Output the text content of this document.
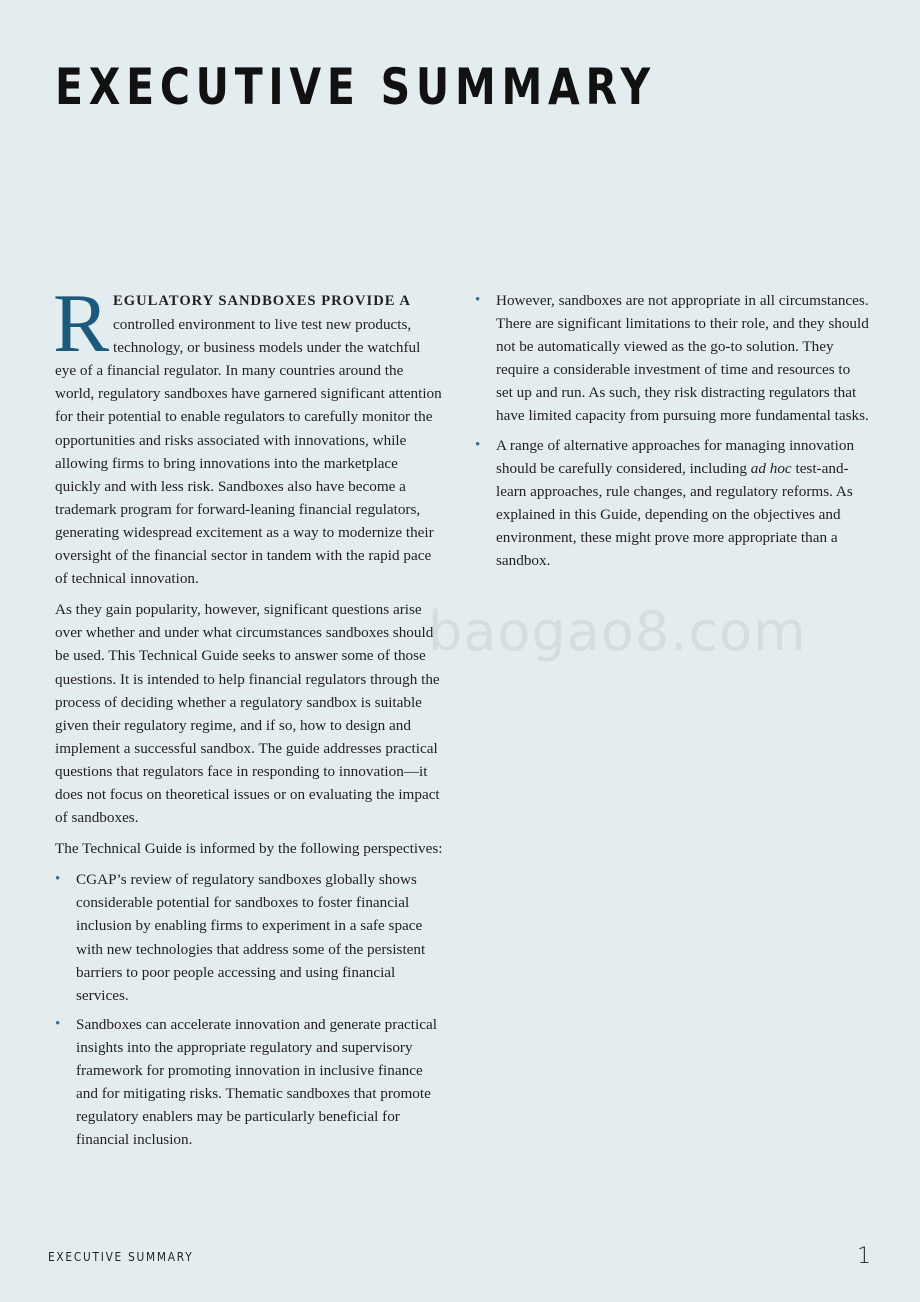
EXECUTIVE SUMMARY

R EGULATORY SANDBOXES PROVIDE A controlled environment to live test new products, technology, or business models under the watchful eye of a financial regulator. In many countries around the world, regulatory sandboxes have garnered significant attention for their potential to enable regulators to carefully monitor the opportunities and risks associated with innovations, while allowing firms to bring innovations into the marketplace quickly and with less risk. Sandboxes also have become a trademark program for forward-leaning financial regulators, generating widespread excitement as a way to modernize their oversight of the financial sector in tandem with the rapid pace of technical innovation.

As they gain popularity, however, significant questions arise over whether and under what circumstances sandboxes should be used. This Technical Guide seeks to answer some of those questions. It is intended to help financial regulators through the process of deciding whether a regulatory sandbox is suitable given their regulatory regime, and if so, how to design and implement a successful sandbox. The guide addresses practical questions that regulators face in responding to innovation—it does not focus on theoretical issues or on evaluating the impact of sandboxes.

The Technical Guide is informed by the following perspectives:

• CGAP’s review of regulatory sandboxes globally shows considerable potential for sandboxes to foster financial inclusion by enabling firms to experiment in a safe space with new technologies that address some of the persistent barriers to poor people accessing and using financial services.
• Sandboxes can accelerate innovation and generate practical insights into the appropriate regulatory and supervisory framework for promoting innovation in inclusive finance and for mitigating risks. Thematic sandboxes that promote regulatory enablers may be particularly beneficial for financial inclusion.
• However, sandboxes are not appropriate in all circumstances. There are significant limitations to their role, and they should not be automatically viewed as the go-to solution. They require a considerable investment of time and resources to set up and run. As such, they risk distracting regulators that have limited capacity from pursuing more fundamental tasks.
• A range of alternative approaches for managing innovation should be carefully considered, including ad hoc test-and-learn approaches, rule changes, and regulatory reforms. As explained in this Guide, depending on the objectives and environment, these might prove more appropriate than a sandbox.
baogao8.com
EXECUTIVE SUMMARY	1
